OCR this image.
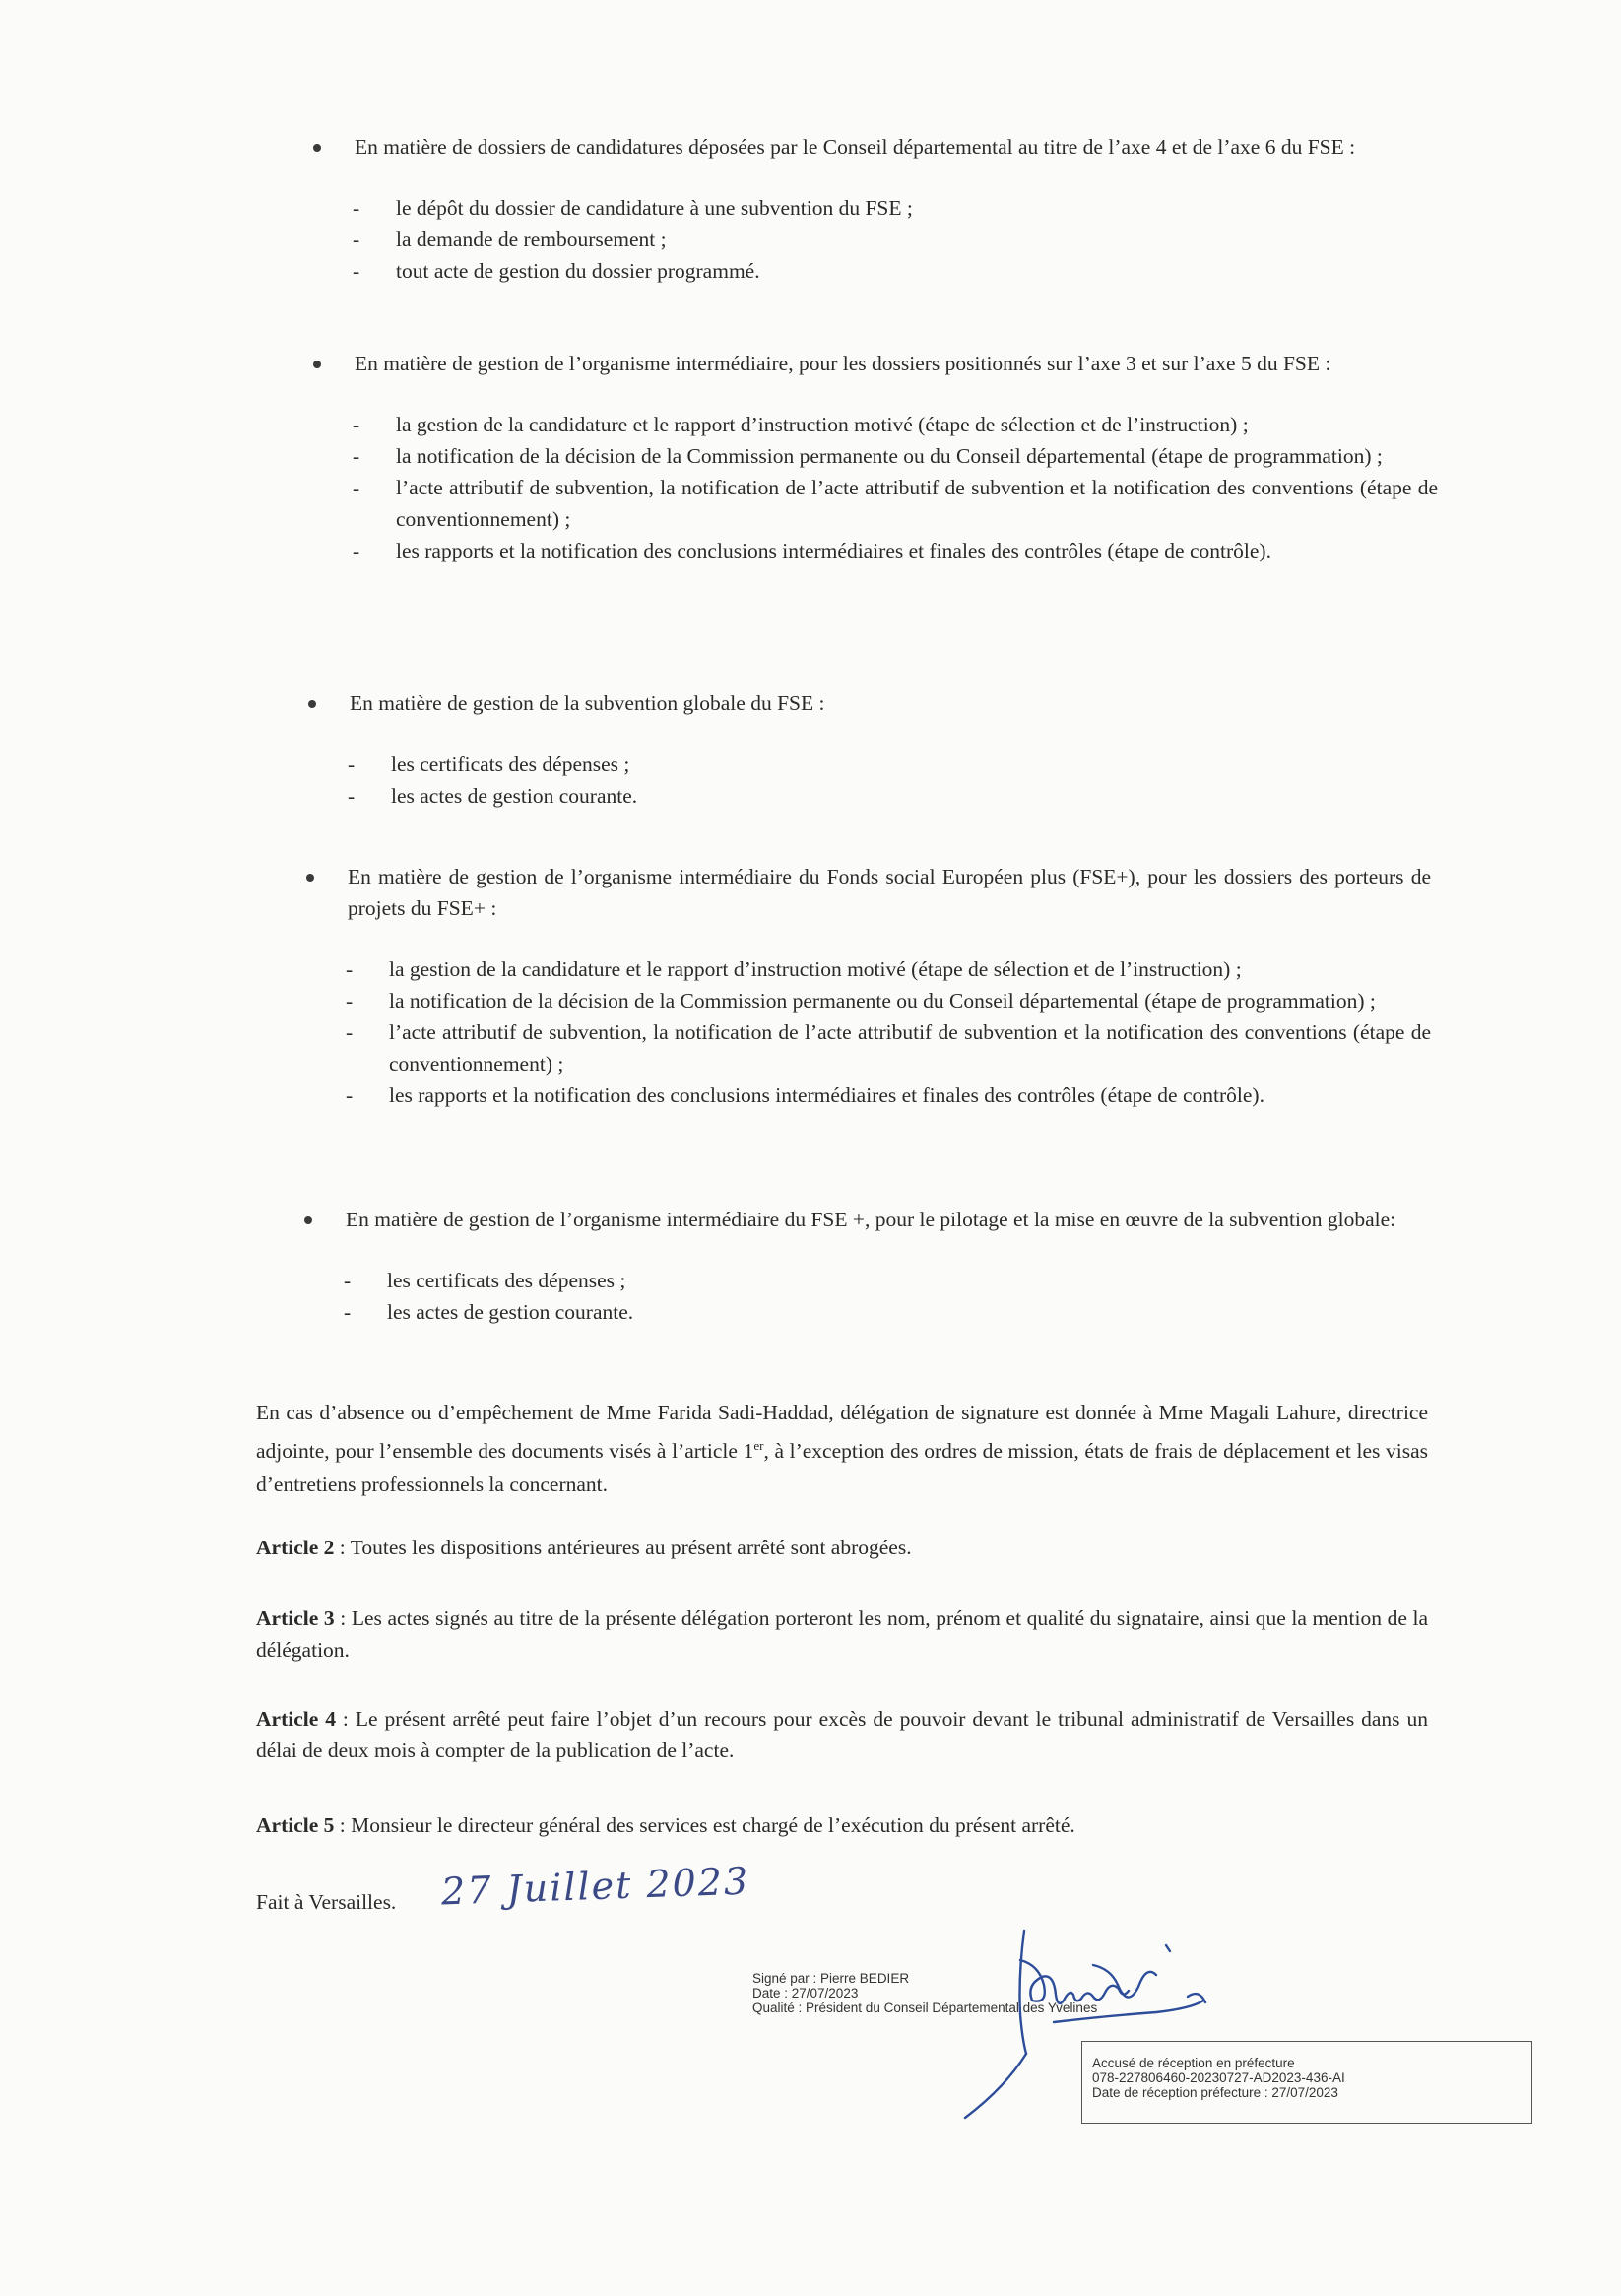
En matière de dossiers de candidatures déposées par le Conseil départemental au titre de l’axe 4 et de l’axe 6 du FSE :
- le dépôt du dossier de candidature à une subvention du FSE ;
- la demande de remboursement ;
- tout acte de gestion du dossier programmé.
En matière de gestion de l’organisme intermédiaire, pour les dossiers positionnés sur l’axe 3 et sur l’axe 5 du FSE :
- la gestion de la candidature et le rapport d’instruction motivé (étape de sélection et de l’instruction) ;
- la notification de la décision de la Commission permanente ou du Conseil départemental (étape de programmation) ;
- l’acte attributif de subvention, la notification de l’acte attributif de subvention et la notification des conventions (étape de conventionnement) ;
- les rapports et la notification des conclusions intermédiaires et finales des contrôles (étape de contrôle).
En matière de gestion de la subvention globale du FSE :
- les certificats des dépenses ;
- les actes de gestion courante.
En matière de gestion de l’organisme intermédiaire du Fonds social Européen plus (FSE+), pour les dossiers des porteurs de projets du FSE+ :
- la gestion de la candidature et le rapport d’instruction motivé (étape de sélection et de l’instruction) ;
- la notification de la décision de la Commission permanente ou du Conseil départemental (étape de programmation) ;
- l’acte attributif de subvention, la notification de l’acte attributif de subvention et la notification des conventions (étape de conventionnement) ;
- les rapports et la notification des conclusions intermédiaires et finales des contrôles (étape de contrôle).
En matière de gestion de l’organisme intermédiaire du FSE +, pour le pilotage et la mise en œuvre de la subvention globale:
- les certificats des dépenses ;
- les actes de gestion courante.
En cas d’absence ou d’empêchement de Mme Farida Sadi-Haddad, délégation de signature est donnée à Mme Magali Lahure, directrice adjointe, pour l’ensemble des documents visés à l’article 1er, à l’exception des ordres de mission, états de frais de déplacement et les visas d’entretiens professionnels la concernant.
Article 2 : Toutes les dispositions antérieures au présent arrêté sont abrogées.
Article 3 : Les actes signés au titre de la présente délégation porteront les nom, prénom et qualité du signataire, ainsi que la mention de la délégation.
Article 4 : Le présent arrêté peut faire l’objet d’un recours pour excès de pouvoir devant le tribunal administratif de Versailles dans un délai de deux mois à compter de la publication de l’acte.
Article 5 : Monsieur le directeur général des services est chargé de l’exécution du présent arrêté.
Fait à Versailles. 27 Juillet 2023
Signé par : Pierre BEDIER
Date : 27/07/2023
Qualité : Président du Conseil Départemental des Yvelines
Accusé de réception en préfecture
078-227806460-20230727-AD2023-436-AI
Date de réception préfecture : 27/07/2023
